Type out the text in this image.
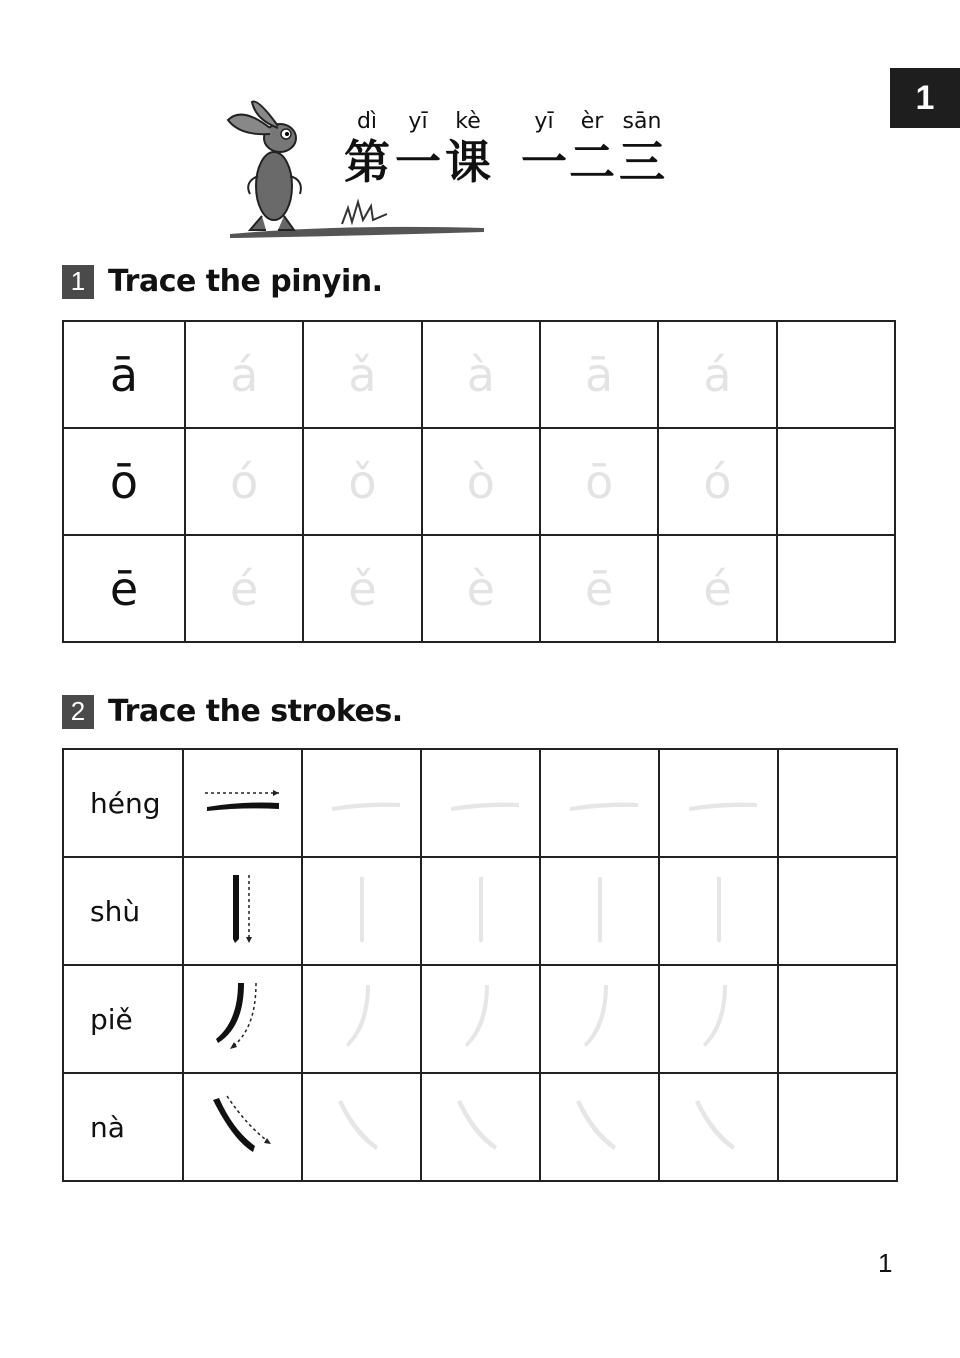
1
dì	yī	kè	yī	èr sān
第 一 课 一 二 三
1 Trace the pinyin.
ā	á	ǎ	à	ā	á	
ō	ó	ǒ	ò	ō	ó	
ē	é	ě	è	ē	é	
2 Trace the strokes.
héng						
shù						
piě						
nà						
1
